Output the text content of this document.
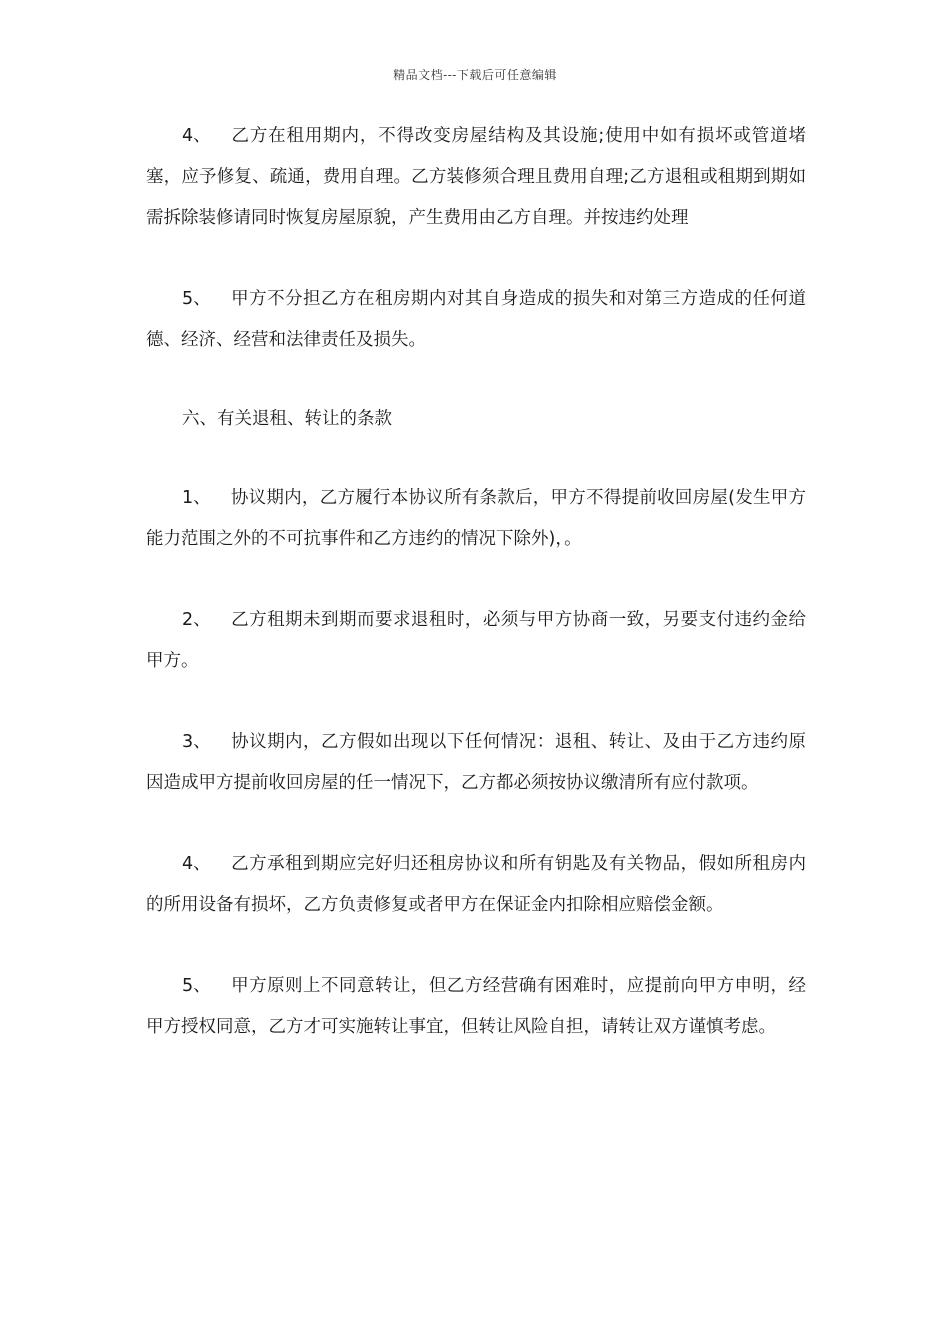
精品文档---下载后可任意编辑

4、 乙方在租用期内，不得改变房屋结构及其设施;使用中如有损坏或管道堵塞，应予修复、疏通，费用自理。乙方装修须合理且费用自理;乙方退租或租期到期如需拆除装修请同时恢复房屋原貌，产生费用由乙方自理。并按违约处理

5、 甲方不分担乙方在租房期内对其自身造成的损失和对第三方造成的任何道德、经济、经营和法律责任及损失。

六、有关退租、转让的条款

1、 协议期内，乙方履行本协议所有条款后，甲方不得提前收回房屋(发生甲方能力范围之外的不可抗事件和乙方违约的情况下除外)，。

2、 乙方租期未到期而要求退租时，必须与甲方协商一致，另要支付违约金给甲方。

3、 协议期内，乙方假如出现以下任何情况：退租、转让、及由于乙方违约原因造成甲方提前收回房屋的任一情况下，乙方都必须按协议缴清所有应付款项。

4、 乙方承租到期应完好归还租房协议和所有钥匙及有关物品，假如所租房内的所用设备有损坏，乙方负责修复或者甲方在保证金内扣除相应赔偿金额。

5、 甲方原则上不同意转让，但乙方经营确有困难时，应提前向甲方申明，经甲方授权同意，乙方才可实施转让事宜，但转让风险自担，请转让双方谨慎考虑。
